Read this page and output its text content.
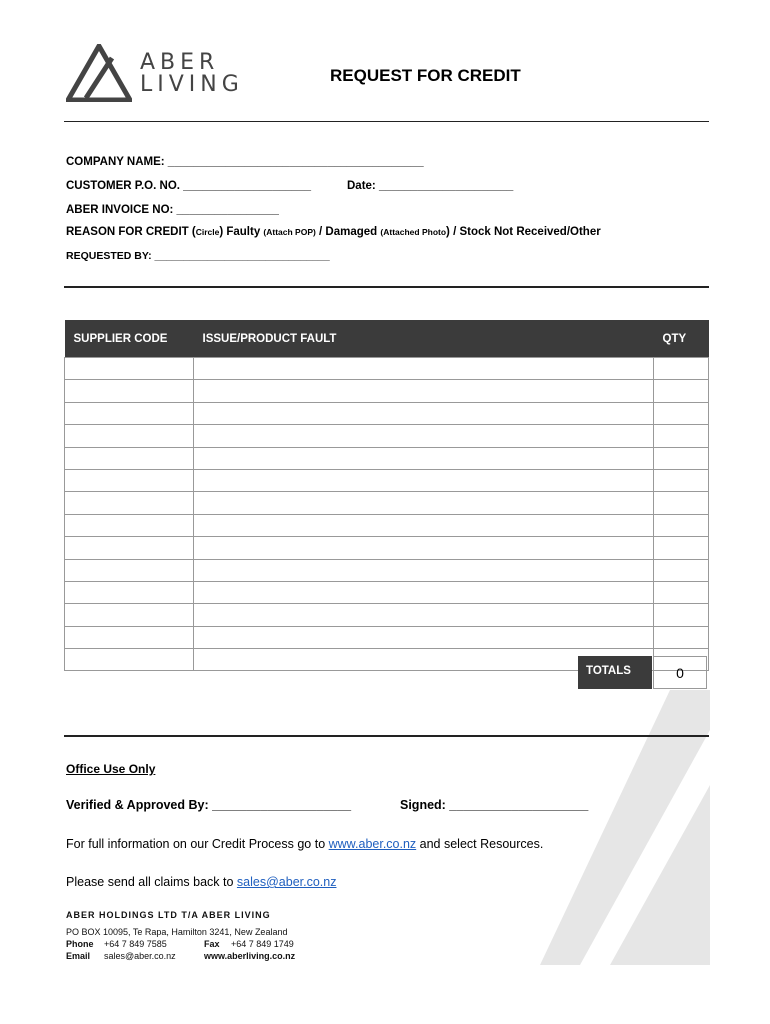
ABER
LIVING	REQUEST FOR CREDIT
COMPANY NAME: ________________________________________
CUSTOMER P.O. NO. ____________________	Date: _____________________
ABER INVOICE NO: ________________
REASON FOR CREDIT (Circle) Faulty (Attach POP) / Damaged (Attached Photo) / Stock Not Received/Other
REQUESTED BY: ______________________________
SUPPLIER CODE	ISSUE/PRODUCT FAULT	QTY

TOTALS	0
Office Use Only
Verified & Approved By: ____________________	Signed: ____________________
For full information on our Credit Process go to www.aber.co.nz and select Resources.
Please send all claims back to sales@aber.co.nz
ABER HOLDINGS LTD T/A ABER LIVING
PO BOX 10095, Te Rapa, Hamilton 3241, New Zealand
Phone +64 7 849 7585	Fax +64 7 849 1749
Email sales@aber.co.nz	www.aberliving.co.nz
